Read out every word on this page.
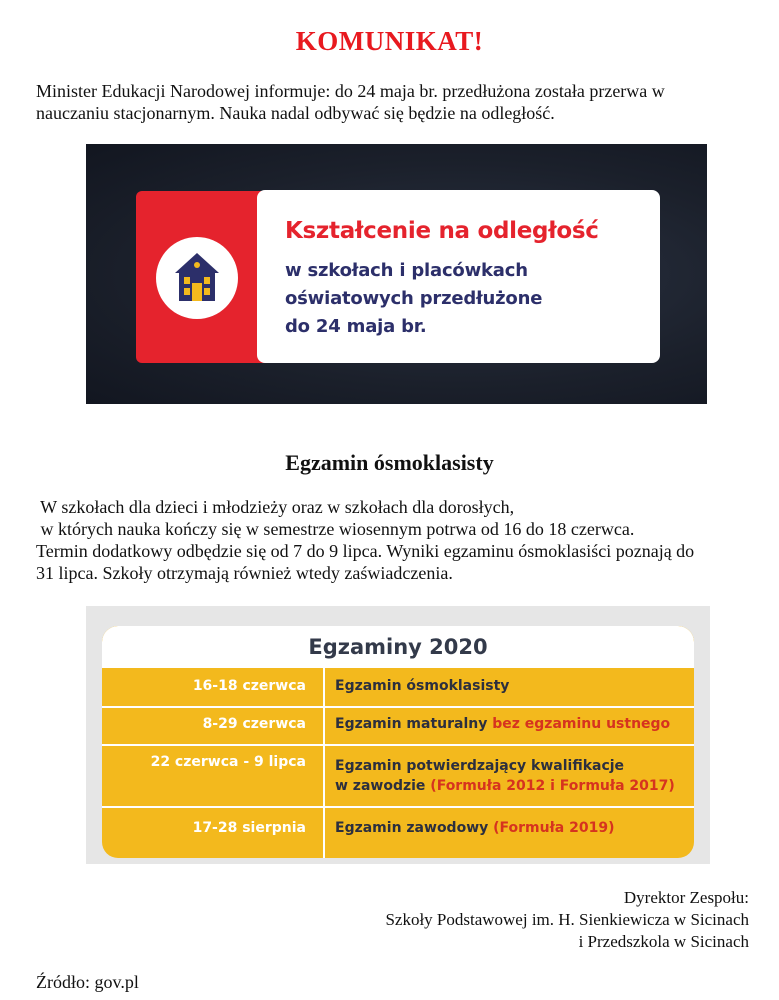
KOMUNIKAT!
Minister Edukacji Narodowej informuje: do 24 maja br. przedłużona została przerwa w
nauczaniu stacjonarnym. Nauka nadal odbywać się będzie na odległość.
Kształcenie na odległość
w szkołach i placówkach
oświatowych przedłużone
do 24 maja br.
Egzamin ósmoklasisty
W szkołach dla dzieci i młodzieży oraz w szkołach dla dorosłych,
w których nauka kończy się w semestrze wiosennym potrwa od 16 do 18 czerwca.
Termin dodatkowy odbędzie się od 7 do 9 lipca. Wyniki egzaminu ósmoklasiści poznają do
31 lipca. Szkoły otrzymają również wtedy zaświadczenia.
Egzaminy 2020
16-18 czerwca Egzamin ósmoklasisty
8-29 czerwca Egzamin maturalny bez egzaminu ustnego
22 czerwca - 9 lipca Egzamin potwierdzający kwalifikacje
w zawodzie (Formuła 2012 i Formuła 2017)
17-28 sierpnia Egzamin zawodowy (Formuła 2019)
Dyrektor Zespołu:
Szkoły Podstawowej im. H. Sienkiewicza w Sicinach
i Przedszkola w Sicinach
Źródło: gov.pl
